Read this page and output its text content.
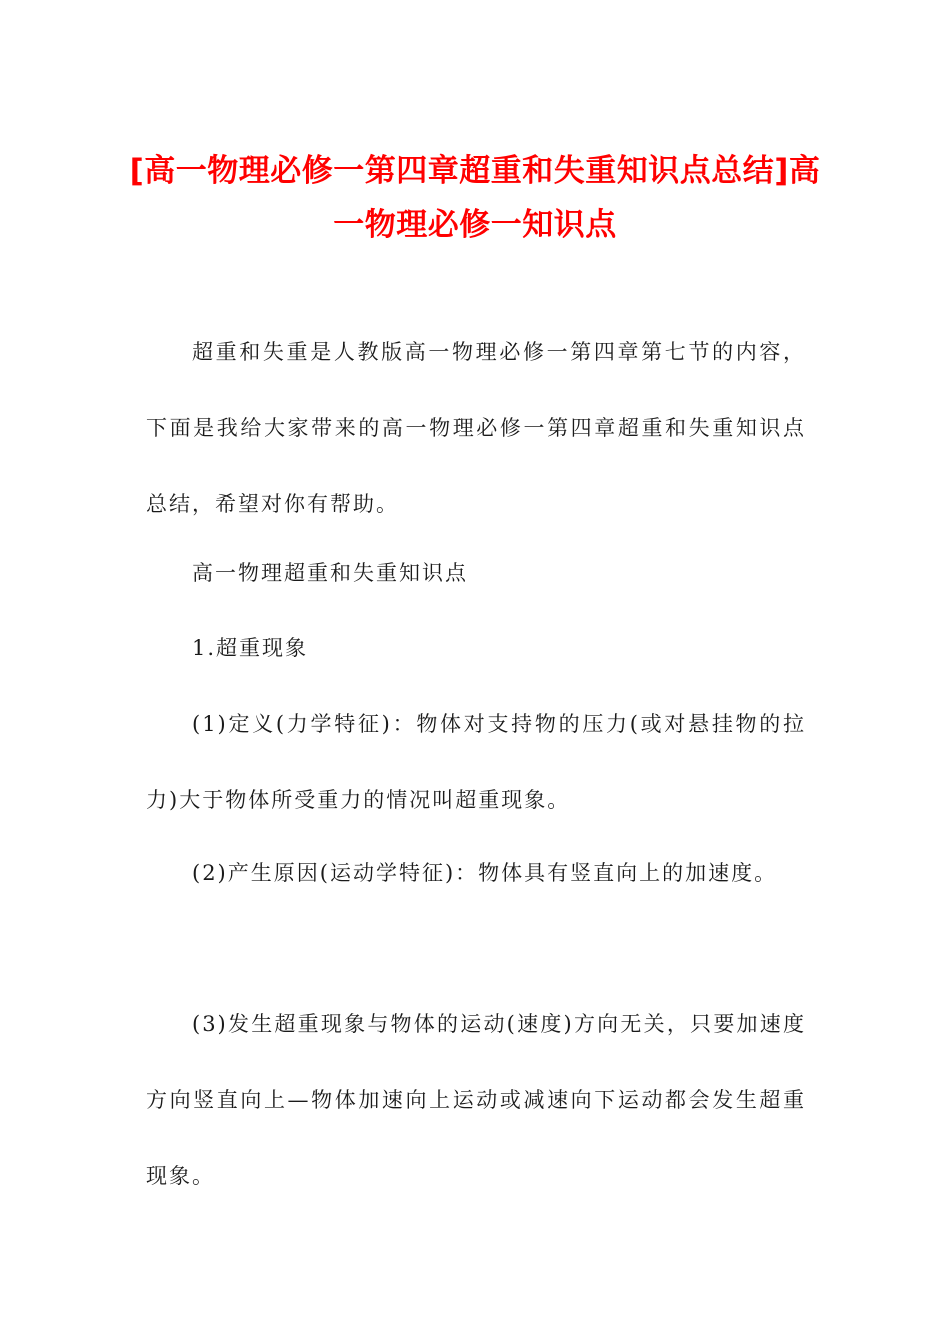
[高一物理必修一第四章超重和失重知识点总结]高一物理必修一知识点

超重和失重是人教版高一物理必修一第四章第七节的内容，下面是我给大家带来的高一物理必修一第四章超重和失重知识点总结，希望对你有帮助。

高一物理超重和失重知识点

1.超重现象

(1)定义(力学特征)：物体对支持物的压力(或对悬挂物的拉力)大于物体所受重力的情况叫超重现象。

(2)产生原因(运动学特征)：物体具有竖直向上的加速度。

(3)发生超重现象与物体的运动(速度)方向无关，只要加速度方向竖直向上—物体加速向上运动或减速向下运动都会发生超重现象。
